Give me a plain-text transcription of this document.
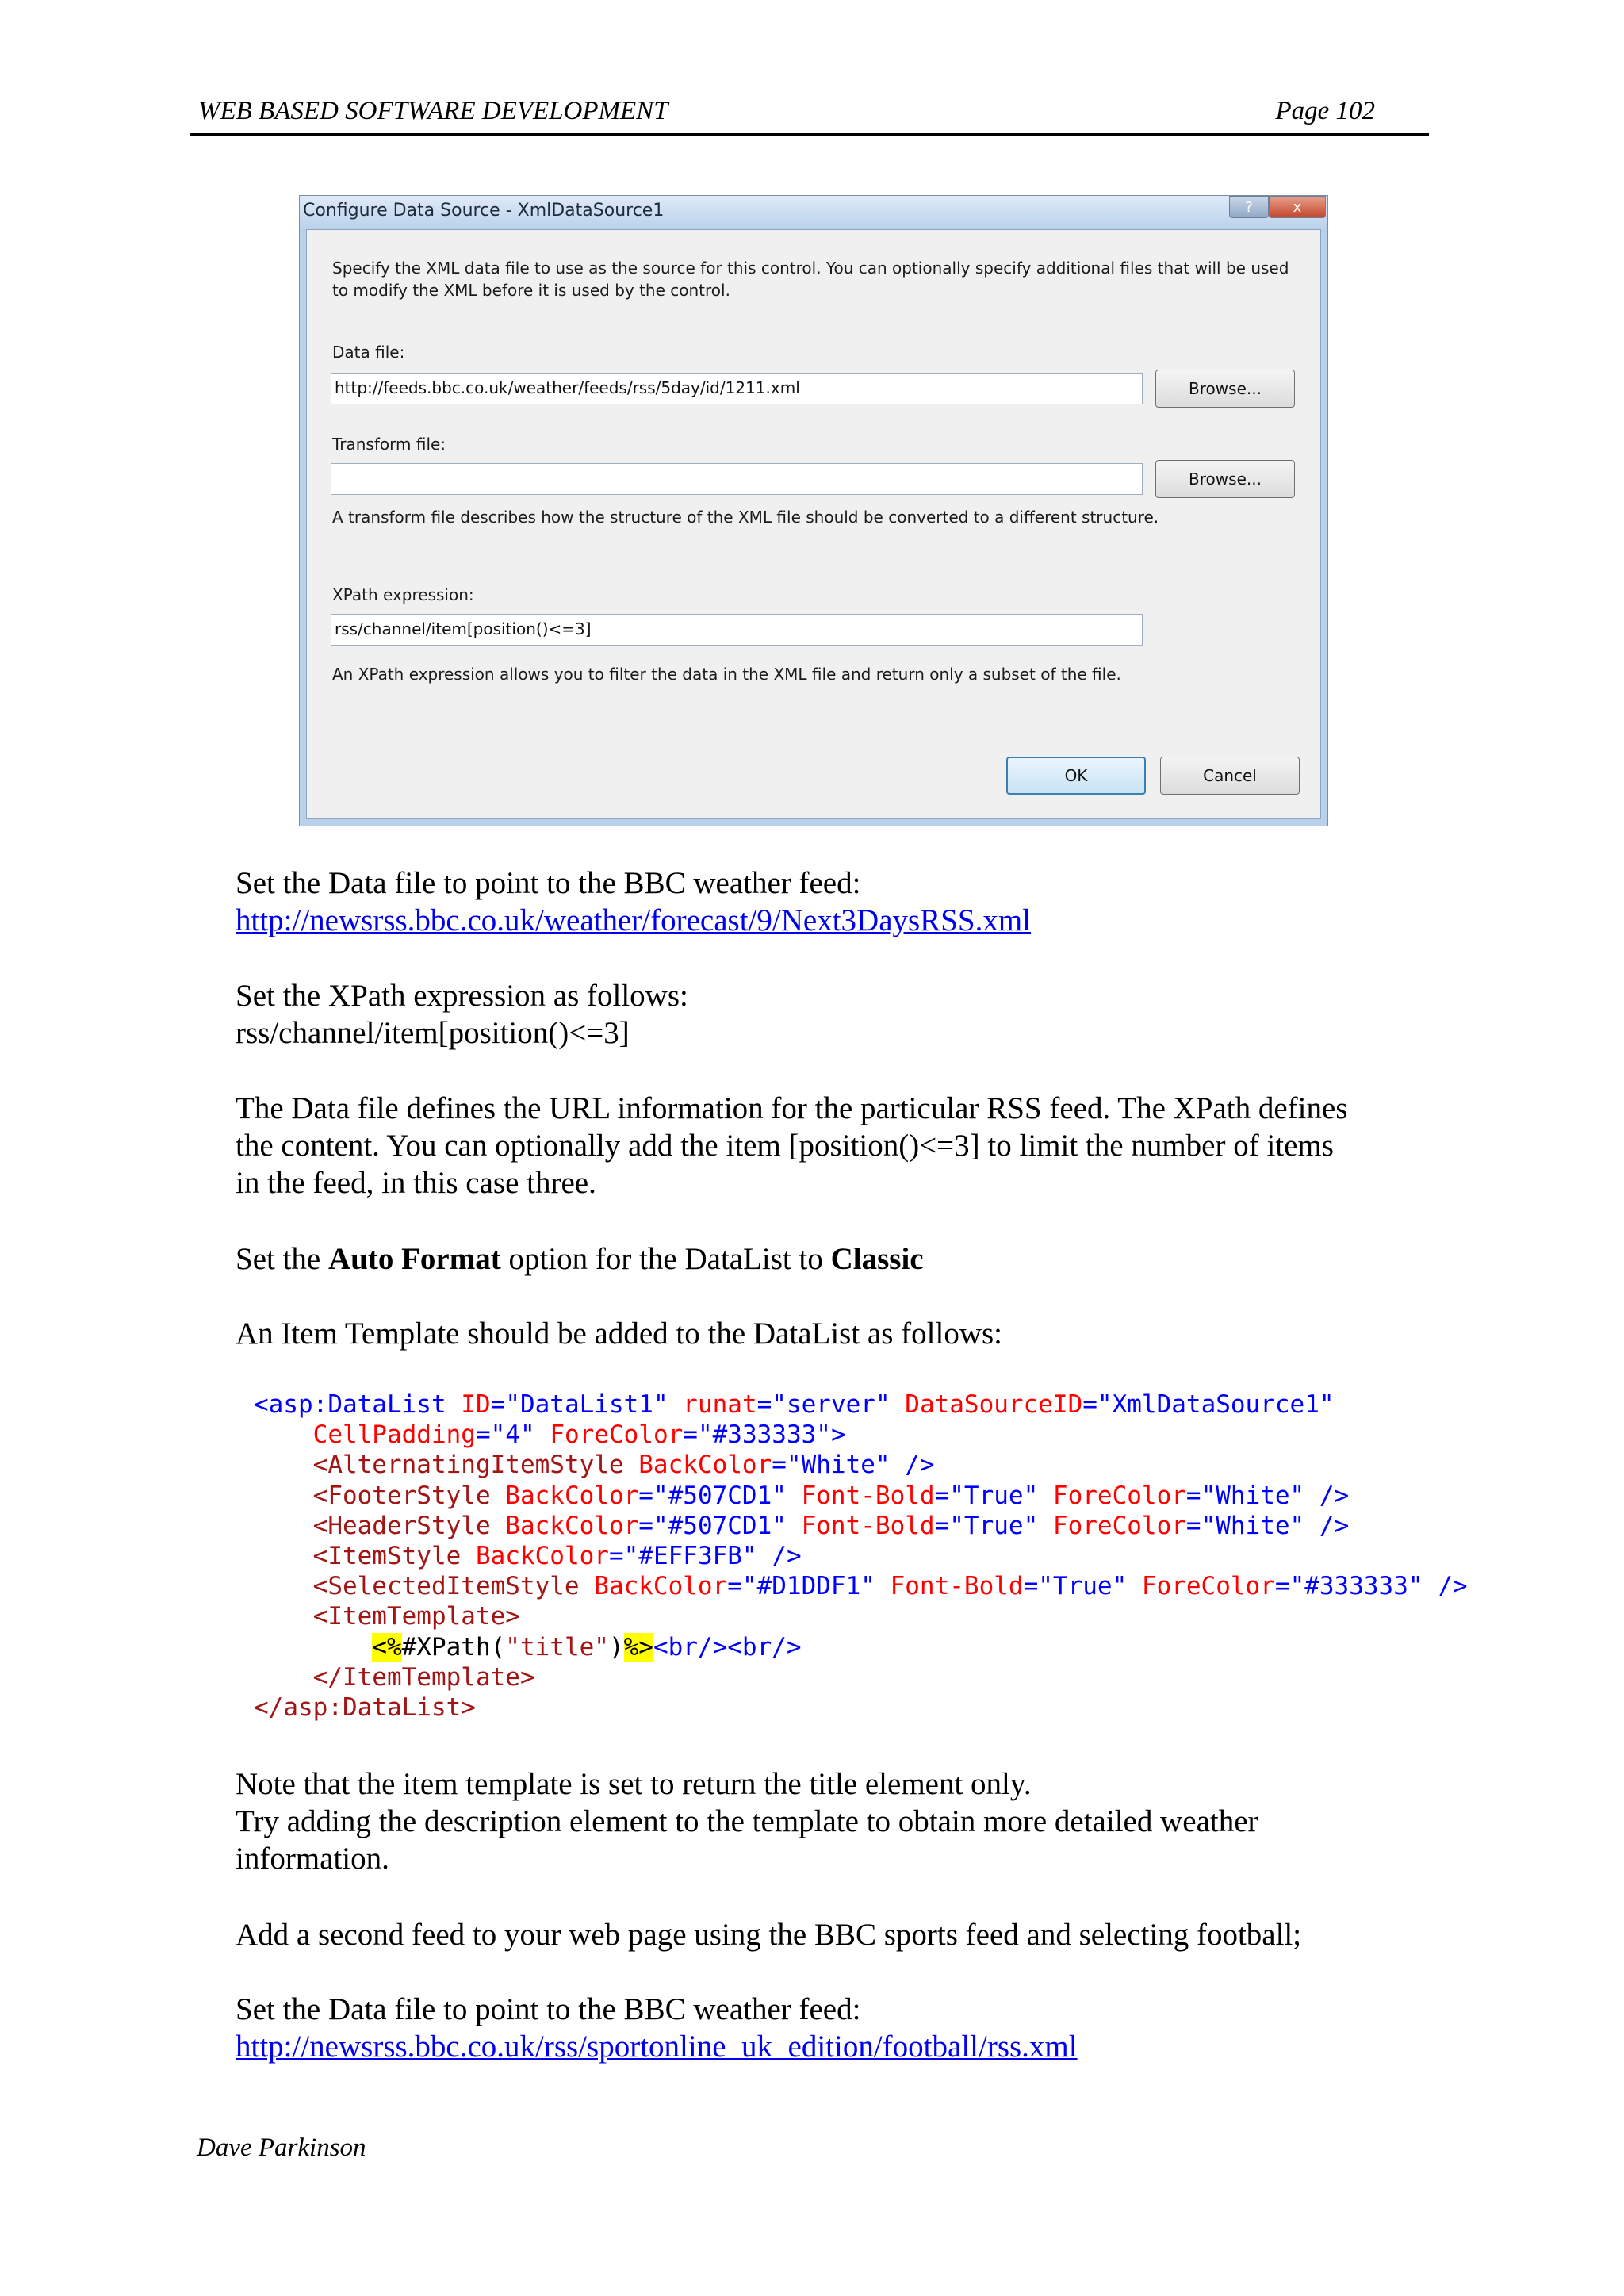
WEB BASED SOFTWARE DEVELOPMENT	Page 102
Configure Data Source - XmlDataSource1	?	x
Specify the XML data file to use as the source for this control. You can optionally specify additional files that will be used
to modify the XML before it is used by the control.
Data file:
http://feeds.bbc.co.uk/weather/feeds/rss/5day/id/1211.xml	Browse...
Transform file:
Browse...
A transform file describes how the structure of the XML file should be converted to a different structure.
XPath expression:
rss/channel/item[position()<=3]
An XPath expression allows you to filter the data in the XML file and return only a subset of the file.
OK	Cancel
Set the Data file to point to the BBC weather feed:
http://newsrss.bbc.co.uk/weather/forecast/9/Next3DaysRSS.xml
Set the XPath expression as follows:
rss/channel/item[position()<=3]
The Data file defines the URL information for the particular RSS feed. The XPath defines
the content. You can optionally add the item [position()<=3] to limit the number of items
in the feed, in this case three.
Set the Auto Format option for the DataList to Classic
An Item Template should be added to the DataList as follows:
<asp:DataList ID="DataList1" runat="server" DataSourceID="XmlDataSource1"
CellPadding="4" ForeColor="#333333">
<AlternatingItemStyle BackColor="White" />
<FooterStyle BackColor="#507CD1" Font-Bold="True" ForeColor="White" />
<HeaderStyle BackColor="#507CD1" Font-Bold="True" ForeColor="White" />
<ItemStyle BackColor="#EFF3FB" />
<SelectedItemStyle BackColor="#D1DDF1" Font-Bold="True" ForeColor="#333333" />
<ItemTemplate>
<%#XPath("title")%><br/><br/>
</ItemTemplate>
</asp:DataList>
Note that the item template is set to return the title element only.
Try adding the description element to the template to obtain more detailed weather
information.
Add a second feed to your web page using the BBC sports feed and selecting football;
Set the Data file to point to the BBC weather feed:
http://newsrss.bbc.co.uk/rss/sportonline_uk_edition/football/rss.xml
Dave Parkinson
